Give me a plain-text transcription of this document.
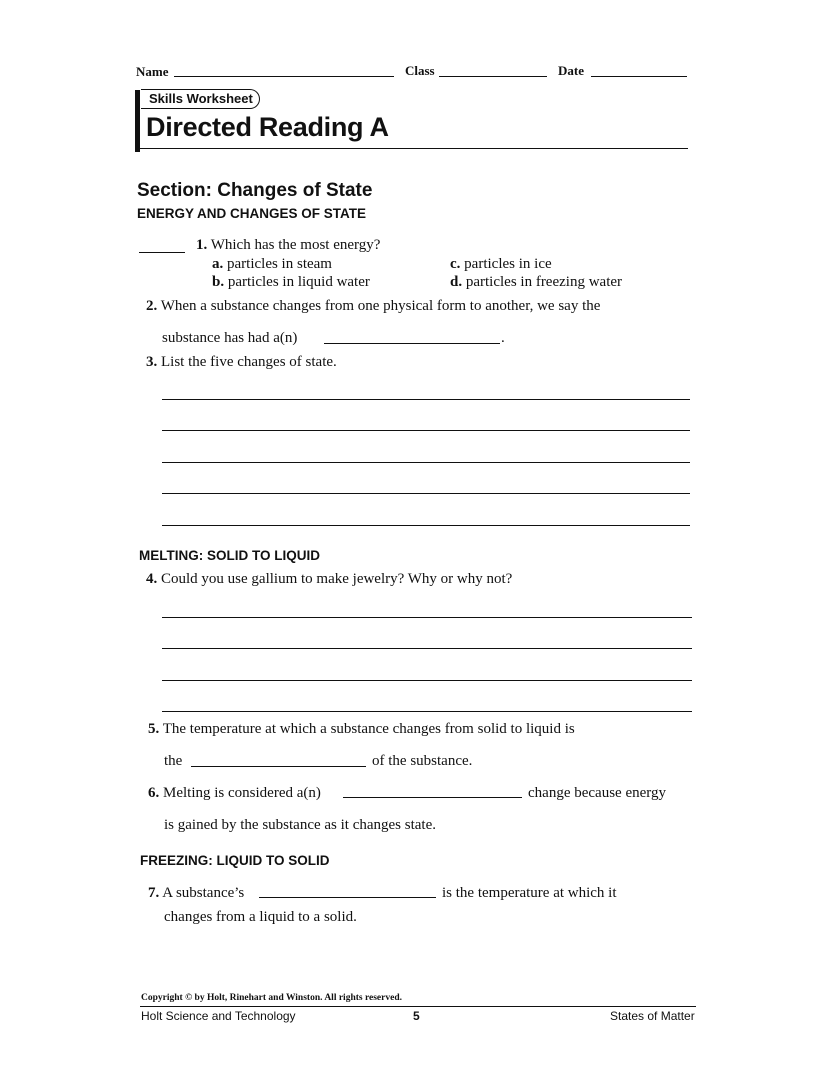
Name	Class	Date
Skills Worksheet
Directed Reading A
Section: Changes of State
ENERGY AND CHANGES OF STATE
1. Which has the most energy?
a. particles in steam
b. particles in liquid water
c. particles in ice
d. particles in freezing water
2. When a substance changes from one physical form to another, we say the
substance has had a(n)	.
3. List the five changes of state.
MELTING: SOLID TO LIQUID
4. Could you use gallium to make jewelry? Why or why not?
5. The temperature at which a substance changes from solid to liquid is
the	of the substance.
6. Melting is considered a(n)	change because energy
is gained by the substance as it changes state.
FREEZING: LIQUID TO SOLID
7. A substance’s	is the temperature at which it
changes from a liquid to a solid.
Copyright © by Holt, Rinehart and Winston. All rights reserved.
Holt Science and Technology	5	States of Matter
